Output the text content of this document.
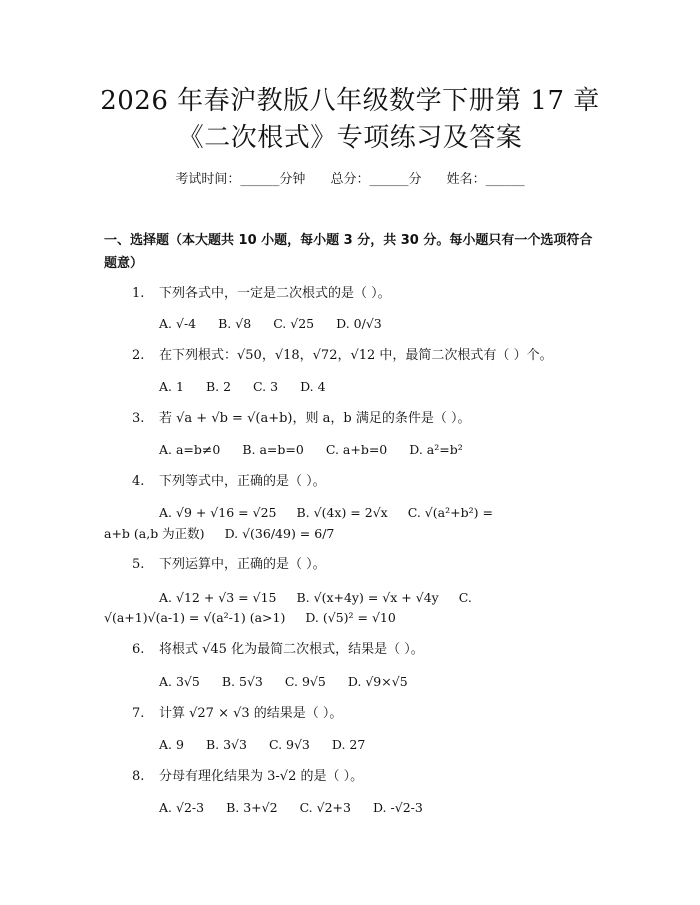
2026 年春沪教版八年级数学下册第 17 章
《二次根式》专项练习及答案
考试时间：______分钟 总分：______分 姓名：______
一、选择题（本大题共 10 小题，每小题 3 分，共 30 分。每小题只有一个选项符合题意）
1. 下列各式中，一定是二次根式的是（ ）。
A. √-4 B. √8 C. √25 D. 0/√3
2. 在下列根式：√50，√18，√72，√12 中，最简二次根式有（ ）个。
A. 1 B. 2 C. 3 D. 4
3. 若 √a + √b = √(a+b)，则 a，b 满足的条件是（ ）。
A. a=b≠0 B. a=b=0 C. a+b=0 D. a²=b²
4. 下列等式中，正确的是（ ）。
A. √9 + √16 = √25 B. √(4x) = 2√x C. √(a²+b²) =
a+b (a,b 为正数) D. √(36/49) = 6/7
5. 下列运算中，正确的是（ ）。
A. √12 + √3 = √15 B. √(x+4y) = √x + √4y C.
√(a+1)√(a-1) = √(a²-1) (a>1) D. (√5)² = √10
6. 将根式 √45 化为最简二次根式，结果是（ ）。
A. 3√5 B. 5√3 C. 9√5 D. √9×√5
7. 计算 √27 × √3 的结果是（ ）。
A. 9 B. 3√3 C. 9√3 D. 27
8. 分母有理化结果为 3-√2 的是（ ）。
A. √2-3 B. 3+√2 C. √2+3 D. -√2-3
